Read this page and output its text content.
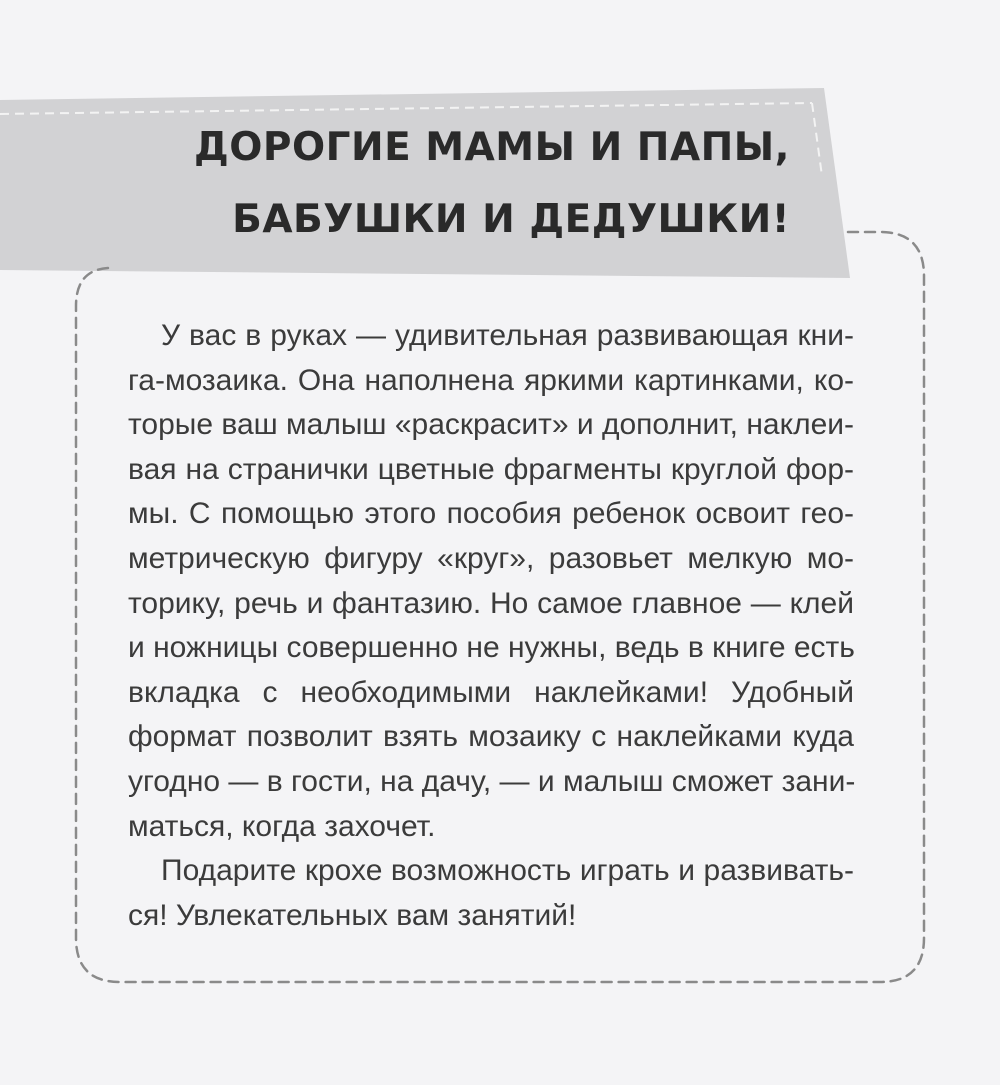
ДОРОГИЕ МАМЫ И ПАПЫ,
БАБУШКИ И ДЕДУШКИ!
У вас в руках — удивительная развивающая кни-
га-мозаика. Она наполнена яркими картинками, ко-
торые ваш малыш «раскрасит» и дополнит, наклеи-
вая на странички цветные фрагменты круглой фор-
мы. С помощью этого пособия ребенок освоит гео-
метрическую фигуру «круг», разовьет мелкую мо-
торику, речь и фантазию. Но самое главное — клей
и ножницы совершенно не нужны, ведь в книге есть
вкладка с необходимыми наклейками! Удобный
формат позволит взять мозаику с наклейками куда
угодно — в гости, на дачу, — и малыш сможет зани-
маться, когда захочет.
Подарите крохе возможность играть и развивать-
ся! Увлекательных вам занятий!
